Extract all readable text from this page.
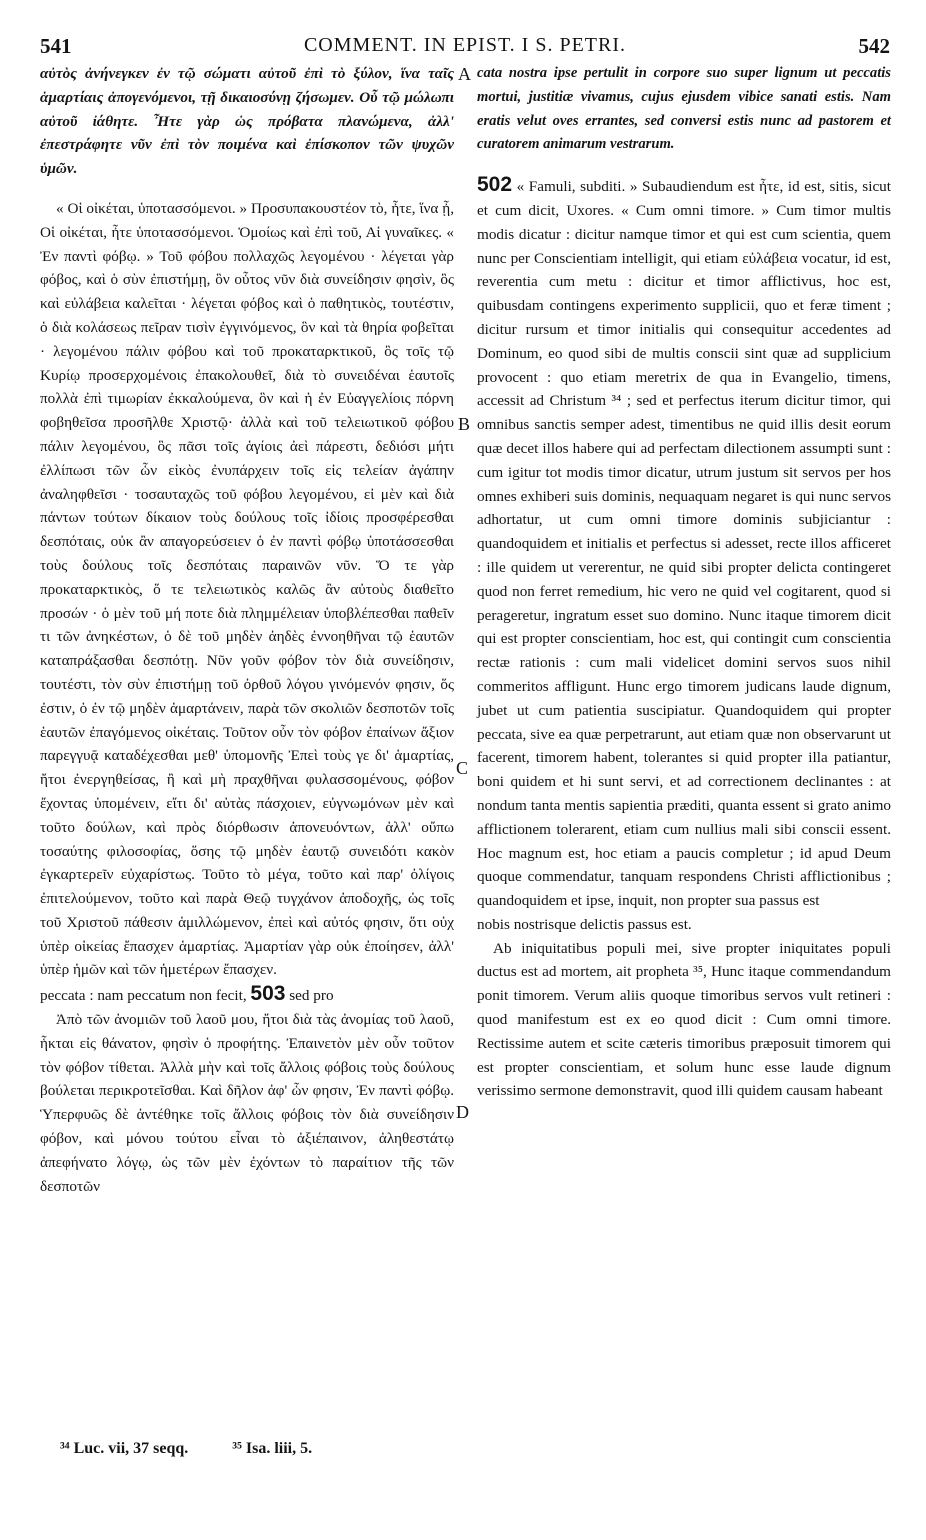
541	COMMENT. IN EPIST. I S. PETRI.	542
A
B
C
D

αὐτὸς ἀνήνεγκεν ἐν τῷ σώματι αὐτοῦ ἐπὶ τὸ ξύλον, ἵνα ταῖς ἁμαρτίαις ἀπογενόμενοι, τῇ δικαιοσύνῃ ζήσωμεν. Οὗ τῷ μώλωπι αὐτοῦ ἰάθητε. Ἦτε γὰρ ὡς πρόβατα πλανώμενα, ἀλλ' ἐπεστράφητε νῦν ἐπὶ τὸν ποιμένα καὶ ἐπίσκοπον τῶν ψυχῶν ὑμῶν.

« Οἱ οἰκέται, ὑποτασσόμενοι. » Προσυπακουστέον τὸ, ἦτε, ἵνα ᾖ, Οἱ οἰκέται, ἦτε ὑποτασσόμενοι. Ὁμοίως καὶ ἐπὶ τοῦ, Αἱ γυναῖκες. « Ἐν παντὶ φόβῳ. » Τοῦ φόβου πολλαχῶς λεγομένου · λέγεται γὰρ φόβος, καὶ ὁ σὺν ἐπιστήμῃ, ὃν οὗτος νῦν διὰ συνείδησιν φησὶν, ὃς καὶ εὐλάβεια καλεῖται · λέγεται φόβος καὶ ὁ παθητικὸς, τουτέστιν, ὁ διὰ κολάσεως πεῖραν τισὶν ἐγγινόμενος, ὃν καὶ τὰ θηρία φοβεῖται · λεγομένου πάλιν φόβου καὶ τοῦ προκαταρκτικοῦ, ὃς τοῖς τῷ Κυρίῳ προσερχομένοις ἐπακολουθεῖ, διὰ τὸ συνειδέναι ἑαυτοῖς πολλὰ ἐπὶ τιμωρίαν ἐκκαλούμενα, ὃν καὶ ἡ ἐν Εὐαγγελίοις πόρνη φοβηθεῖσα προσῆλθε Χριστῷ· ἀλλὰ καὶ τοῦ τελειωτικοῦ φόβου πάλιν λεγομένου, ὃς πᾶσι τοῖς ἁγίοις ἀεὶ πάρεστι, δεδιόσι μήτι ἐλλίπωσι τῶν ὧν εἰκὸς ἐνυπάρχειν τοῖς εἰς τελείαν ἀγάπην ἀναληφθεῖσι · τοσαυταχῶς τοῦ φόβου λεγομένου, εἰ μὲν καὶ διὰ πάντων τούτων δίκαιον τοὺς δούλους τοῖς ἰδίοις προσφέρεσθαι δεσπόταις, οὐκ ἂν απαγορεύσειεν ὁ ἐν παντὶ φόβῳ ὑποτάσσεσθαι τοὺς δούλους τοῖς δεσπόταις παραινῶν νῦν. Ὅ τε γὰρ προκαταρκτικὸς, ὅ τε τελειωτικὸς καλῶς ἂν αὐτοὺς διαθεῖτο προσών · ὁ μὲν τοῦ μή ποτε διὰ πλημμέλειαν ὑποβλέπεσθαι παθεῖν τι τῶν ἀνηκέστων, ὁ δὲ τοῦ μηδὲν ἀηδὲς ἐννοηθῆναι τῷ ἑαυτῶν καταπράξασθαι δεσπότῃ. Νῦν γοῦν φόβον τὸν διὰ συνείδησιν, τουτέστι, τὸν σὺν ἐπιστήμῃ τοῦ ὀρθοῦ λόγου γινόμενόν φησιν, ὅς ἐστιν, ὁ ἐν τῷ μηδὲν ἁμαρτάνειν, παρὰ τῶν σκολιῶν δεσποτῶν τοῖς ἑαυτῶν ἐπαγόμενος οἰκέταις. Τοῦτον οὖν τὸν φόβον ἐπαίνων ἄξιον παρεγγυᾷ καταδέχεσθαι μεθ' ὑπομονῆς Ἐπεὶ τοὺς γε δι' ἁμαρτίας, ἤτοι ἐνεργηθείσας, ἢ καὶ μὴ πραχθῆναι φυλασσομένους, φόβον ἔχοντας ὑπομένειν, εἴτι δι' αὐτὰς πάσχοιεν, εὐγνωμόνων μὲν καὶ τοῦτο δούλων, καὶ πρὸς διόρθωσιν ἀπονευόντων, ἀλλ' οὔπω τοσαύτης φιλοσοφίας, ὅσης τῷ μηδὲν ἑαυτῷ συνειδότι κακὸν ἐγκαρτερεῖν εὐχαρίστως. Τοῦτο τὸ μέγα, τοῦτο καὶ παρ' ὀλίγοις ἐπιτελούμενον, τοῦτο καὶ παρὰ Θεῷ τυγχάνον ἀποδοχῆς, ὡς τοῖς τοῦ Χριστοῦ πάθεσιν ἁμιλλώμενον, ἐπεὶ καὶ αὐτός φησιν, ὅτι οὐχ ὑπὲρ οἰκείας ἔπασχεν ἁμαρτίας. Ἁμαρτίαν γὰρ οὐκ ἐποίησεν, ἀλλ' ὑπὲρ ἡμῶν καὶ τῶν ἡμετέρων ἔπασχεν.

peccata : nam peccatum non fecit, 503 sed pro

Ἀπὸ τῶν ἀνομιῶν τοῦ λαοῦ μου, ἤτοι διὰ τὰς ἀνομίας τοῦ λαοῦ, ἧκται εἰς θάνατον, φησὶν ὁ προφήτης. Ἐπαινετὸν μὲν οὖν τοῦτον τὸν φόβον τίθεται. Ἀλλὰ μὴν καὶ τοῖς ἄλλοις φόβοις τοὺς δούλους βούλεται περικροτεῖσθαι. Καὶ δῆλον ἀφ' ὧν φησιν, Ἐν παντὶ φόβῳ. Ὑπερφυῶς δὲ ἀντέθηκε τοῖς ἄλλοις φόβοις τὸν διὰ συνείδησιν φόβον, καὶ μόνου τούτου εἶναι τὸ ἀξιέπαινον, ἀληθεστάτῳ ἀπεφήνατο λόγῳ, ὡς τῶν μὲν ἐχόντων τὸ παραίτιον τῆς τῶν δεσποτῶν

cata nostra ipse pertulit in corpore suo super lignum ut peccatis mortui, justitiæ vivamus, cujus ejusdem vibice sanati estis. Nam eratis velut oves errantes, sed conversi estis nunc ad pastorem et curatorem animarum vestrarum.

502 « Famuli, subditi. » Subaudiendum est ἦτε, id est, sitis, sicut et cum dicit, Uxores. « Cum omni timore. » Cum timor multis modis dicatur : dicitur namque timor et qui est cum scientia, quem nunc per Conscientiam intelligit, qui etiam εὐλάβεια vocatur, id est, reverentia cum metu : dicitur et timor afflictivus, hoc est, quibusdam contingens experimento supplicii, quo et feræ timent ; dicitur rursum et timor initialis qui consequitur accedentes ad Dominum, eo quod sibi de multis conscii sint quæ ad supplicium provocent : quo etiam meretrix de qua in Evangelio, timens, accessit ad Christum ³⁴ ; sed et perfectus iterum dicitur timor, qui omnibus sanctis semper adest, timentibus ne quid illis desit eorum quæ decet illos habere qui ad perfectam dilectionem assumpti sunt : cum igitur tot modis timor dicatur, utrum justum sit servos per hos omnes exhiberi suis dominis, nequaquam negaret is qui nunc servos adhortatur, ut cum omni timore dominis subjiciantur : quandoquidem et initialis et perfectus si adesset, recte illos afficeret : ille quidem ut vererentur, ne quid sibi propter delicta contingeret quod non ferret remedium, hic vero ne quid vel cogitarent, quod si perageretur, ingratum esset suo domino. Nunc itaque timorem dicit qui est propter conscientiam, hoc est, qui contingit cum conscientia rectæ rationis : cum mali videlicet domini servos suos nihil commeritos affligunt. Hunc ergo timorem judicans laude dignum, jubet ut cum patientia suscipiatur. Quandoquidem qui propter peccata, sive ea quæ perpetrarunt, aut etiam quæ non observarunt ut facerent, timorem habent, tolerantes si quid propter illa patiantur, boni quidem et hi sunt servi, et ad correctionem declinantes : at nondum tanta mentis sapientia præditi, quanta essent si grato animo afflictionem tolerarent, etiam cum nullius mali sibi conscii essent. Hoc magnum est, hoc etiam a paucis completur ; id apud Deum quoque commendatur, tanquam respondens Christi afflictionibus ; quandoquidem et ipse, inquit, non propter sua passus est

nobis nostrisque delictis passus est.

Ab iniquitatibus populi mei, sive propter iniquitates populi ductus est ad mortem, ait propheta ³⁵, Hunc itaque commendandum ponit timorem. Verum aliis quoque timoribus servos vult retineri : quod manifestum est ex eo quod dicit : Cum omni timore. Rectissime autem et scite cæteris timoribus præposuit timorem qui est propter conscientiam, et solum hunc esse laude dignum verissimo sermone demonstravit, quod illi quidem causam habeant

³⁴ Luc. vii, 37 seqq.	³⁵ Isa. liii, 5.
